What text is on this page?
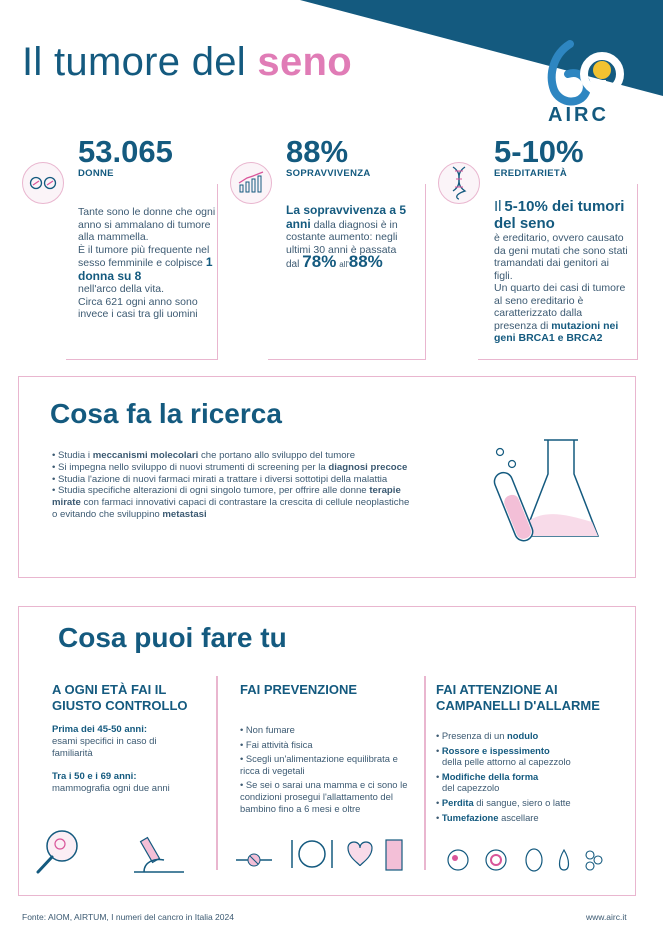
Il tumore del seno
AIRC
53.065
DONNE
Tante sono le donne che ogni anno si ammalano di tumore alla mammella.
È il tumore più frequente nel sesso femminile e colpisce 1 donna su 8
nell'arco della vita.
Circa 621 ogni anno sono invece i casi tra gli uomini
88%
SOPRAVVIVENZA
La sopravvivenza a 5 anni dalla diagnosi è in costante aumento: negli ultimi 30 anni è passata
dal 78% all'88%
5-10%
EREDITARIETÀ
Il 5-10% dei tumori del seno
è ereditario, ovvero causato da geni mutati che sono stati tramandati dai genitori ai figli.
Un quarto dei casi di tumore al seno ereditario è caratterizzato dalla presenza di mutazioni nei geni BRCA1 e BRCA2
Cosa fa la ricerca
• Studia i meccanismi molecolari che portano allo sviluppo del tumore
• Si impegna nello sviluppo di nuovi strumenti di screening per la diagnosi precoce
• Studia l'azione di nuovi farmaci mirati a trattare i diversi sottotipi della malattia
• Studia specifiche alterazioni di ogni singolo tumore, per offrire alle donne terapie mirate con farmaci innovativi capaci di contrastare la crescita di cellule neoplastiche o evitando che sviluppino metastasi
Cosa puoi fare tu
A OGNI ETÀ FAI IL GIUSTO CONTROLLO
Prima dei 45-50 anni:
esami specifici in caso di familiarità

Tra i 50 e i 69 anni:
mammografia ogni due anni
FAI PREVENZIONE
• Non fumare
• Fai attività fisica
• Scegli un'alimentazione equilibrata e ricca di vegetali
• Se sei o sarai una mamma e ci sono le condizioni prosegui l'allattamento del bambino fino a 6 mesi e oltre
FAI ATTENZIONE AI CAMPANELLI D'ALLARME
• Presenza di un nodulo
• Rossore e ispessimento
della pelle attorno al capezzolo
• Modifiche della forma
del capezzolo
• Perdita di sangue, siero o latte
• Tumefazione ascellare
Fonte: AIOM, AIRTUM, I numeri del cancro in Italia 2024	www.airc.it
